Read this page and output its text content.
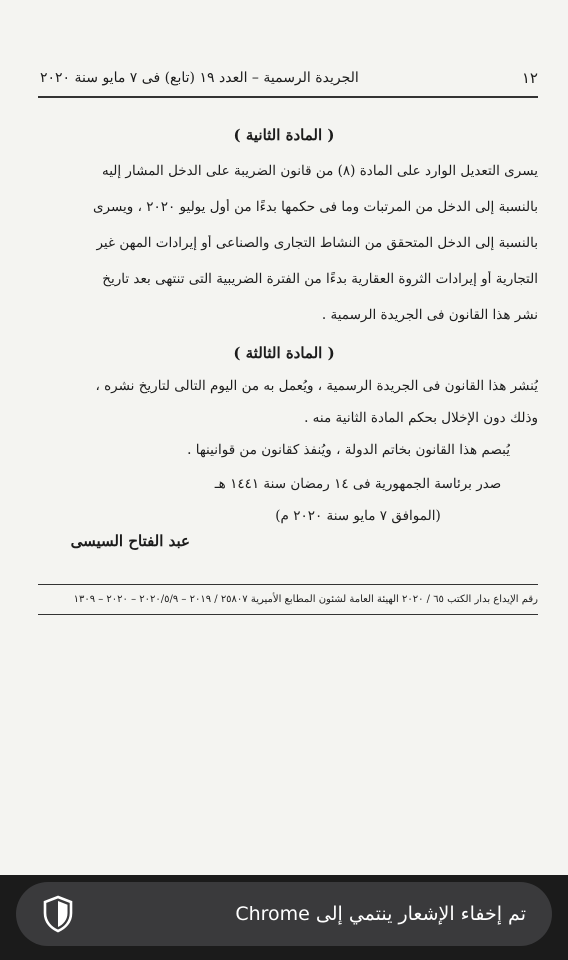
١٢
الجريدة الرسمية – العدد ١٩ (تابع) فى ٧ مايو سنة ٢٠٢٠
( المادة الثانية )
يسرى التعديل الوارد على المادة (٨) من قانون الضريبة على الدخل المشار إليه
بالنسبة إلى الدخل من المرتبات وما فى حكمها بدءًا من أول يوليو ٢٠٢٠ ، ويسرى
بالنسبة إلى الدخل المتحقق من النشاط التجارى والصناعى أو إيرادات المهن غير
التجارية أو إيرادات الثروة العقارية بدءًا من الفترة الضريبية التى تنتهى بعد تاريخ
نشر هذا القانون فى الجريدة الرسمية .
( المادة الثالثة )
يُنشر هذا القانون فى الجريدة الرسمية ، ويُعمل به من اليوم التالى لتاريخ نشره ،
وذلك دون الإخلال بحكم المادة الثانية منه .
يُبصم هذا القانون بخاتم الدولة ، ويُنفذ كقانون من قوانينها .
صدر برئاسة الجمهورية فى ١٤ رمضان سنة ١٤٤١ هـ
(الموافق ٧ مايو سنة ٢٠٢٠ م)
عبد الفتاح السيسى
رقم الإيداع بدار الكتب ٦٥ / ٢٠٢٠ الهيئة العامة لشئون المطابع الأميرية ٢٥٨٠٧ / ٢٠١٩ – ٢٠٢٠/٥/٩ – ٢٠٢٠ – ١٣٠٩
تم إخفاء الإشعار ينتمي إلى Chrome
